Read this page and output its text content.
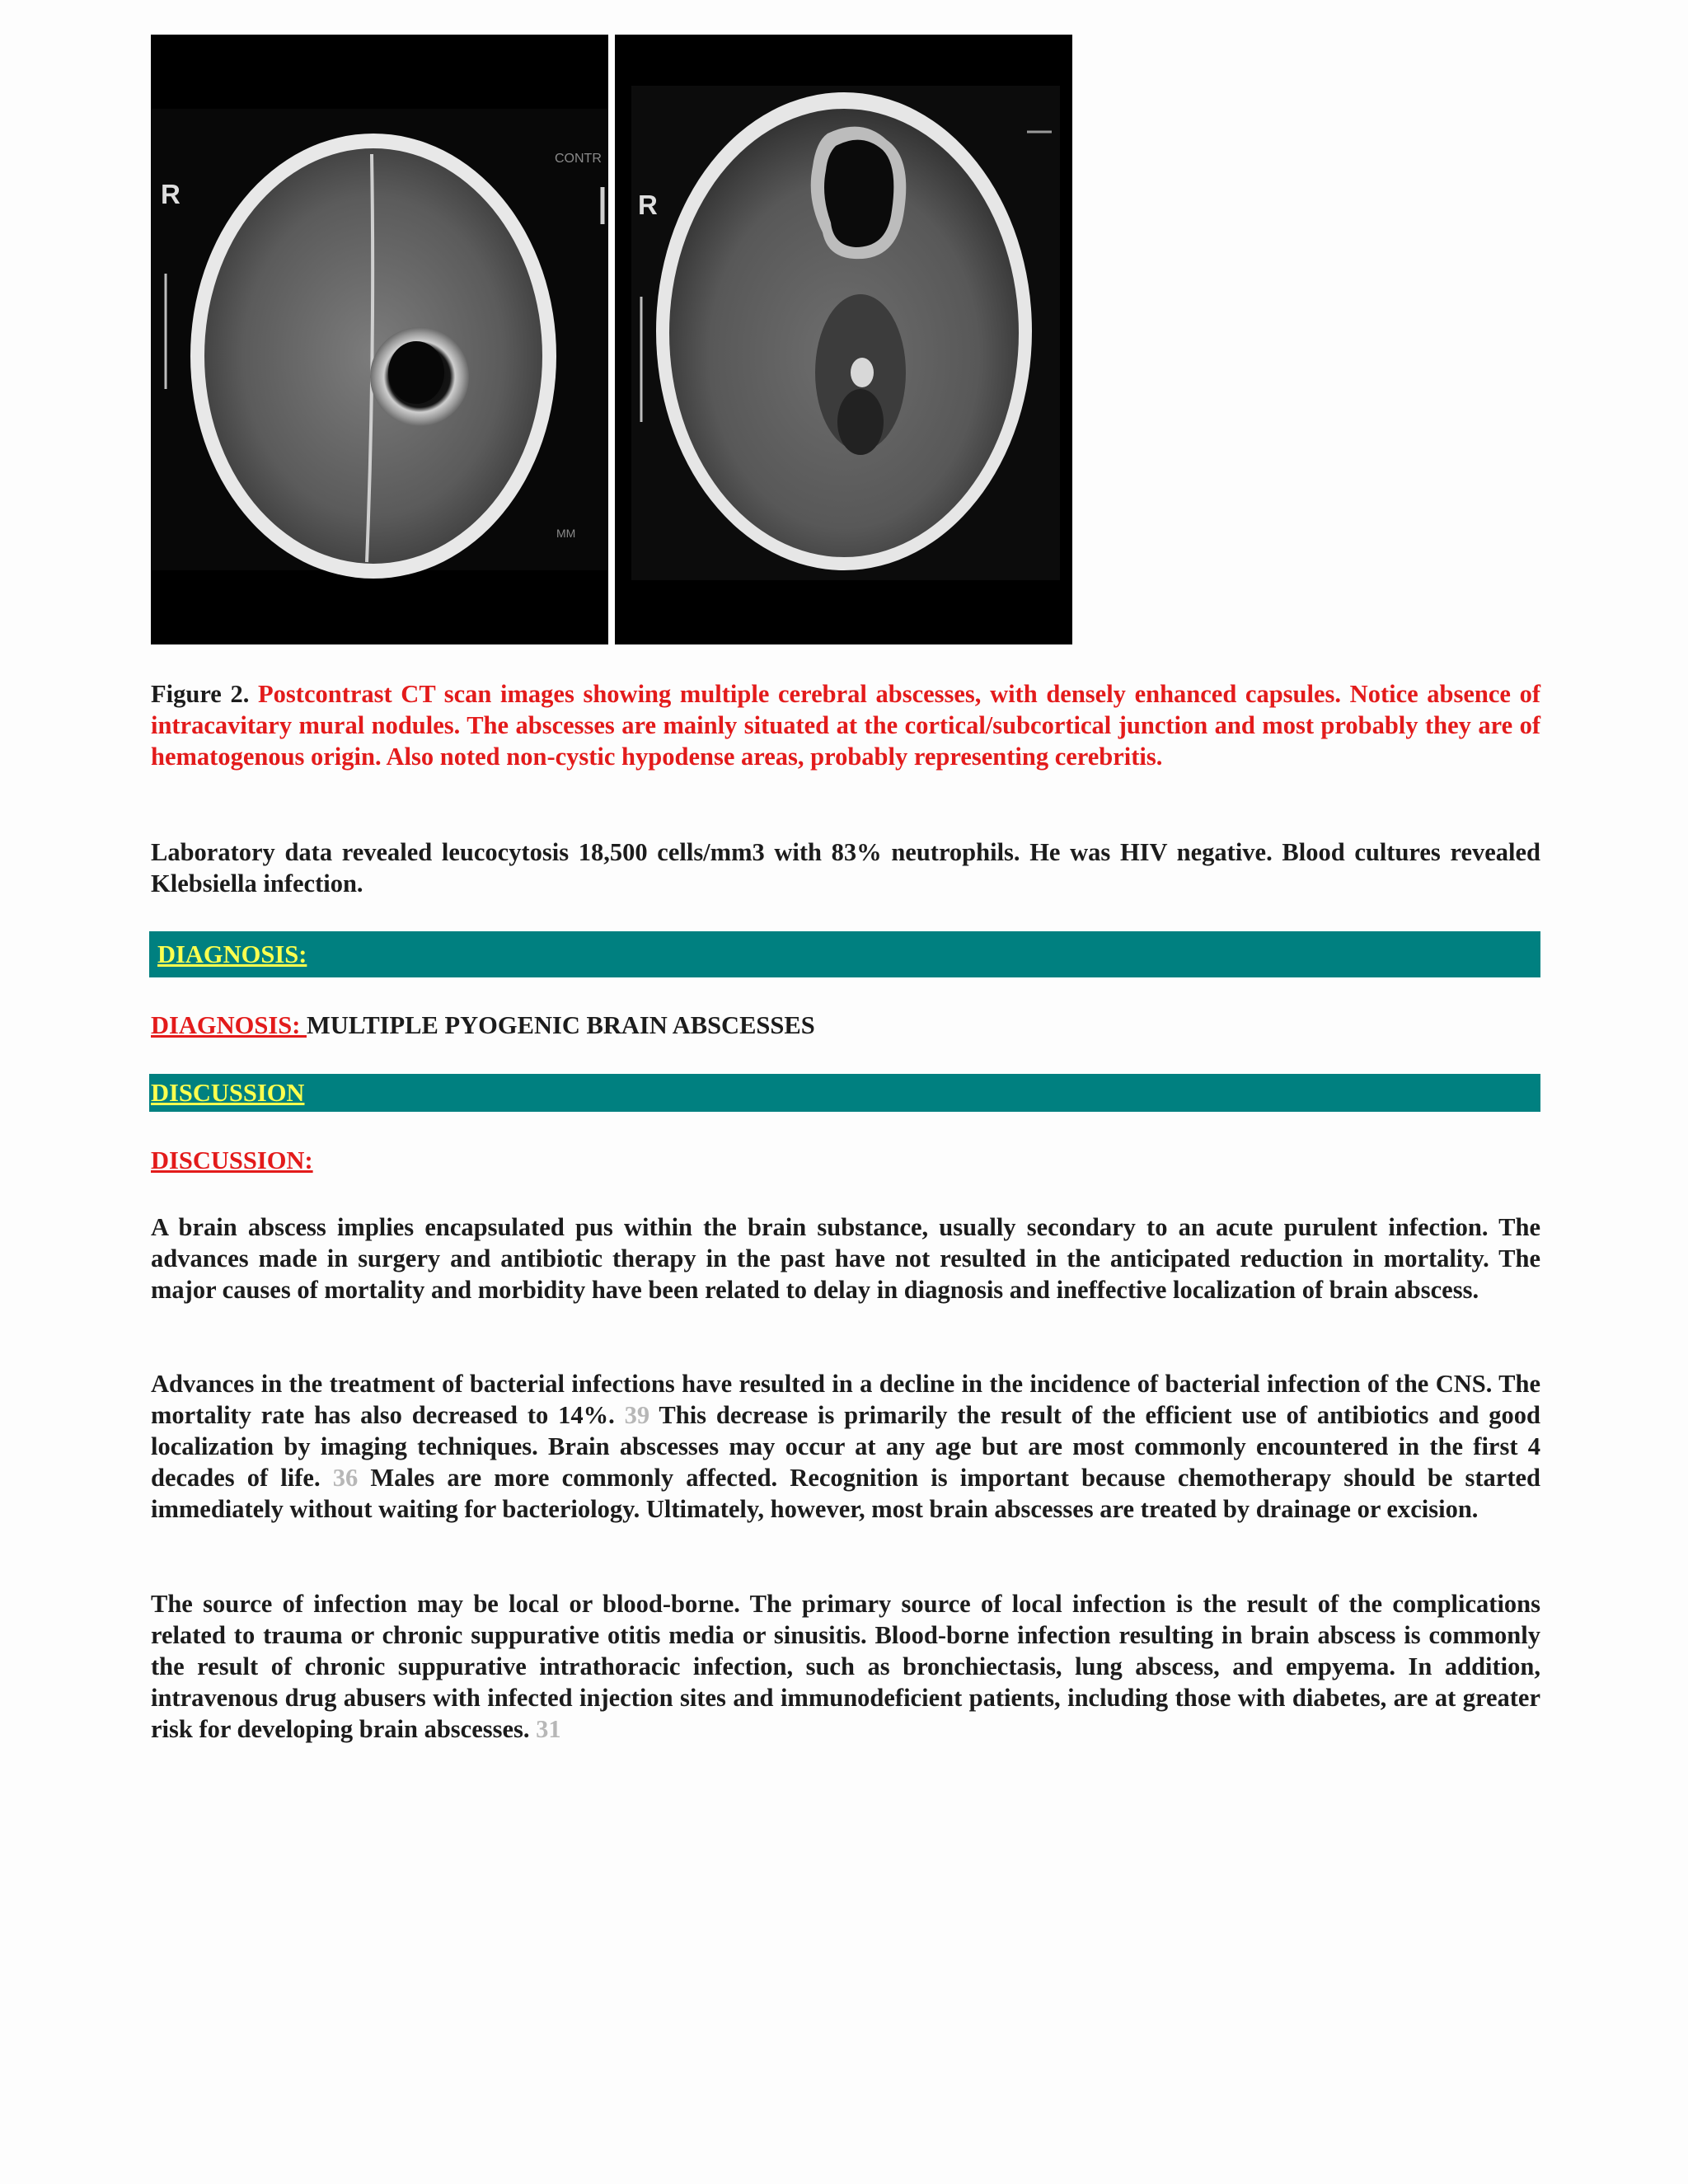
R
CONTR
MM
R
Figure 2. Postcontrast CT scan images showing multiple cerebral abscesses, with densely enhanced capsules. Notice absence of intracavitary mural nodules. The abscesses are mainly situated at the cortical/subcortical junction and most probably they are of hematogenous origin. Also noted non-cystic hypodense areas, probably representing cerebritis.
Laboratory data revealed leucocytosis 18,500 cells/mm3 with 83% neutrophils. He was HIV negative. Blood cultures revealed Klebsiella infection.
DIAGNOSIS:
DIAGNOSIS: MULTIPLE PYOGENIC BRAIN ABSCESSES
DISCUSSION
DISCUSSION:
A brain abscess implies encapsulated pus within the brain substance, usually secondary to an acute purulent infection. The advances made in surgery and antibiotic therapy in the past have not resulted in the anticipated reduction in mortality. The major causes of mortality and morbidity have been related to delay in diagnosis and ineffective localization of brain abscess.
Advances in the treatment of bacterial infections have resulted in a decline in the incidence of bacterial infection of the CNS. The mortality rate has also decreased to 14%. 39 This decrease is primarily the result of the efficient use of antibiotics and good localization by imaging techniques. Brain abscesses may occur at any age but are most commonly encountered in the first 4 decades of life. 36 Males are more commonly affected. Recognition is important because chemotherapy should be started immediately without waiting for bacteriology. Ultimately, however, most brain abscesses are treated by drainage or excision.
The source of infection may be local or blood-borne. The primary source of local infection is the result of the complications related to trauma or chronic suppurative otitis media or sinusitis. Blood-borne infection resulting in brain abscess is commonly the result of chronic suppurative intrathoracic infection, such as bronchiectasis, lung abscess, and empyema. In addition, intravenous drug abusers with infected injection sites and immunodeficient patients, including those with diabetes, are at greater risk for developing brain abscesses. 31
